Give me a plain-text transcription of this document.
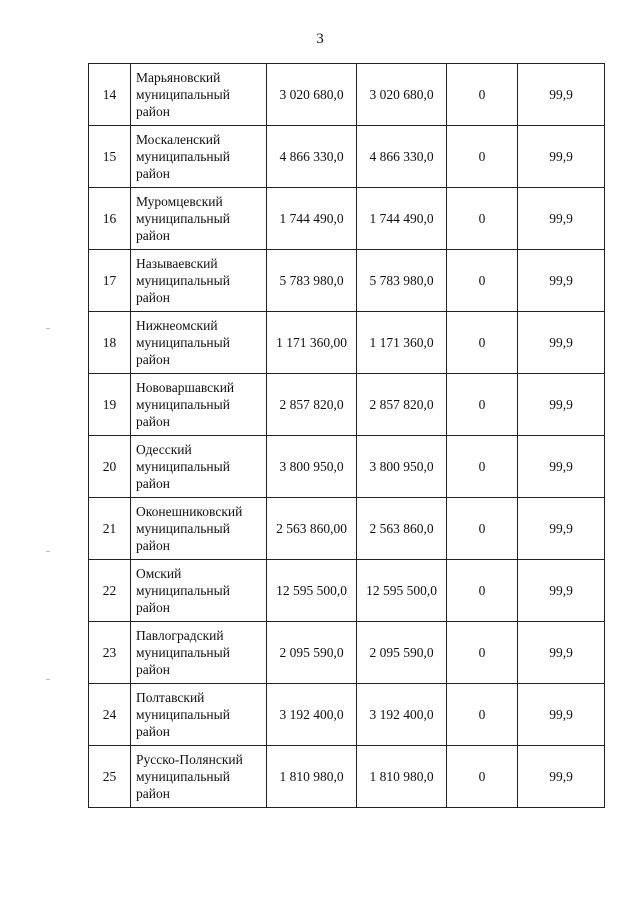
3
14	Марьяновский
муниципальный
район	3 020 680,0	3 020 680,0	0	99,9
15	Москаленский
муниципальный
район	4 866 330,0	4 866 330,0	0	99,9
16	Муромцевский
муниципальный
район	1 744 490,0	1 744 490,0	0	99,9
17	Называевский
муниципальный
район	5 783 980,0	5 783 980,0	0	99,9
18	Нижнеомский
муниципальный
район	1 171 360,00	1 171 360,0	0	99,9
19	Нововаршавский
муниципальный
район	2 857 820,0	2 857 820,0	0	99,9
20	Одесский
муниципальный
район	3 800 950,0	3 800 950,0	0	99,9
21	Оконешниковский
муниципальный
район	2 563 860,00	2 563 860,0	0	99,9
22	Омский
муниципальный
район	12 595 500,0	12 595 500,0	0	99,9
23	Павлоградский
муниципальный
район	2 095 590,0	2 095 590,0	0	99,9
24	Полтавский
муниципальный
район	3 192 400,0	3 192 400,0	0	99,9
25	Русско-Полянский
муниципальный
район	1 810 980,0	1 810 980,0	0	99,9
